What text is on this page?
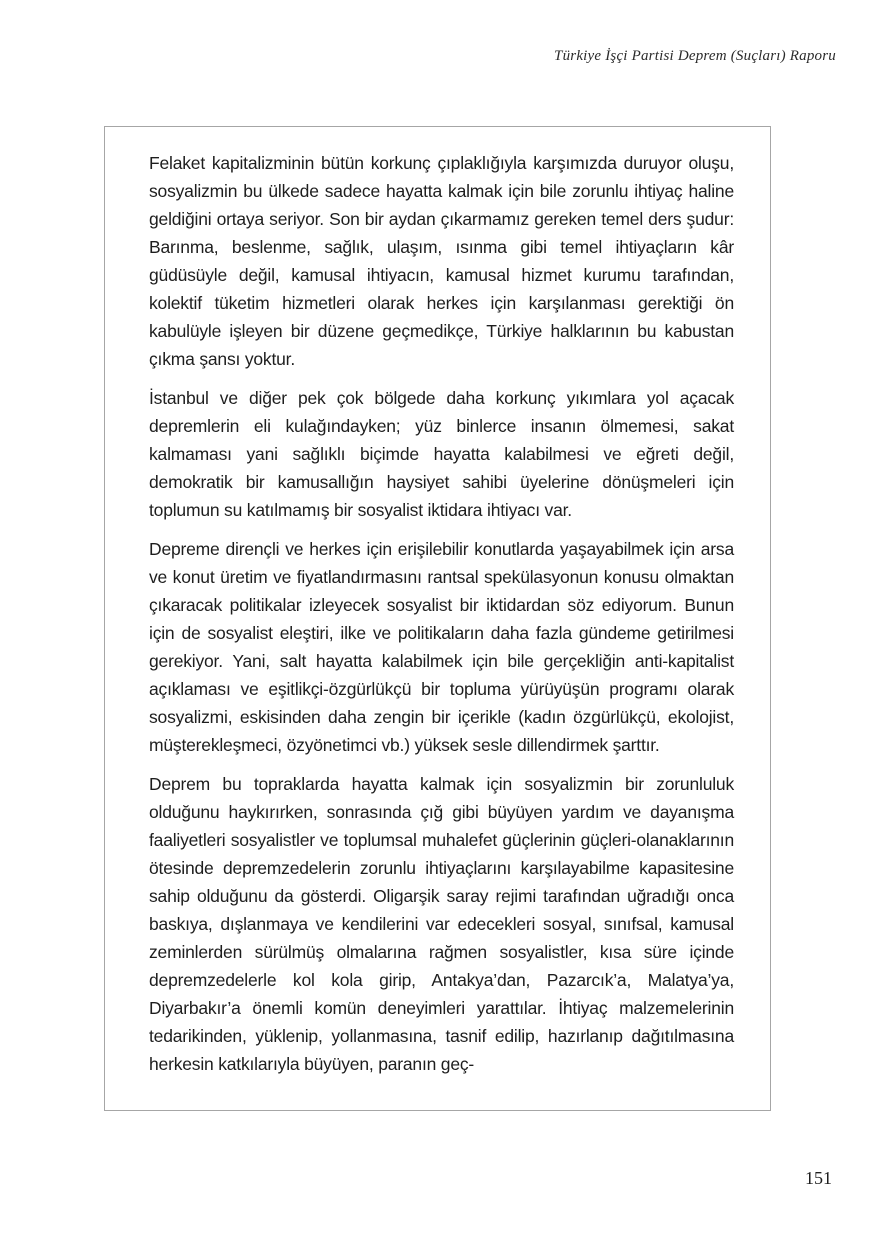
Türkiye İşçi Partisi Deprem (Suçları) Raporu

Felaket kapitalizminin bütün korkunç çıplaklığıyla karşımızda duruyor oluşu, sosyalizmin bu ülkede sadece hayatta kalmak için bile zorunlu ihtiyaç haline geldiğini ortaya seriyor. Son bir aydan çıkarmamız gereken temel ders şudur: Barınma, beslenme, sağlık, ulaşım, ısınma gibi temel ihtiyaçların kâr güdüsüyle değil, kamusal ihtiyacın, kamusal hizmet kurumu tarafından, kolektif tüketim hizmetleri olarak herkes için karşılanması gerektiği ön kabulüyle işleyen bir düzene geçmedikçe, Türkiye halklarının bu kabustan çıkma şansı yoktur.

İstanbul ve diğer pek çok bölgede daha korkunç yıkımlara yol açacak depremlerin eli kulağındayken; yüz binlerce insanın ölmemesi, sakat kalmaması yani sağlıklı biçimde hayatta kalabilmesi ve eğreti değil, demokratik bir kamusallığın haysiyet sahibi üyelerine dönüşmeleri için toplumun su katılmamış bir sosyalist iktidara ihtiyacı var.

Depreme dirençli ve herkes için erişilebilir konutlarda yaşayabilmek için arsa ve konut üretim ve fiyatlandırmasını rantsal spekülasyonun konusu olmaktan çıkaracak politikalar izleyecek sosyalist bir iktidardan söz ediyorum. Bunun için de sosyalist eleştiri, ilke ve politikaların daha fazla gündeme getirilmesi gerekiyor. Yani, salt hayatta kalabilmek için bile gerçekliğin anti-kapitalist açıklaması ve eşitlikçi-özgürlükçü bir topluma yürüyüşün programı olarak sosyalizmi, eskisinden daha zengin bir içerikle (kadın özgürlükçü, ekolojist, müşterekleşmeci, özyönetimci vb.) yüksek sesle dillendirmek şarttır.

Deprem bu topraklarda hayatta kalmak için sosyalizmin bir zorunluluk olduğunu haykırırken, sonrasında çığ gibi büyüyen yardım ve dayanışma faaliyetleri sosyalistler ve toplumsal muhalefet güçlerinin güçleri-olanaklarının ötesinde depremzedelerin zorunlu ihtiyaçlarını karşılayabilme kapasitesine sahip olduğunu da gösterdi. Oligarşik saray rejimi tarafından uğradığı onca baskıya, dışlanmaya ve kendilerini var edecekleri sosyal, sınıfsal, kamusal zeminlerden sürülmüş olmalarına rağmen sosyalistler, kısa süre içinde depremzedelerle kol kola girip, Antakya’dan, Pazarcık’a, Malatya’ya, Diyarbakır’a önemli komün deneyimleri yarattılar. İhtiyaç malzemelerinin tedarikinden, yüklenip, yollanmasına, tasnif edilip, hazırlanıp dağıtılmasına herkesin katkılarıyla büyüyen, paranın geç-

151
